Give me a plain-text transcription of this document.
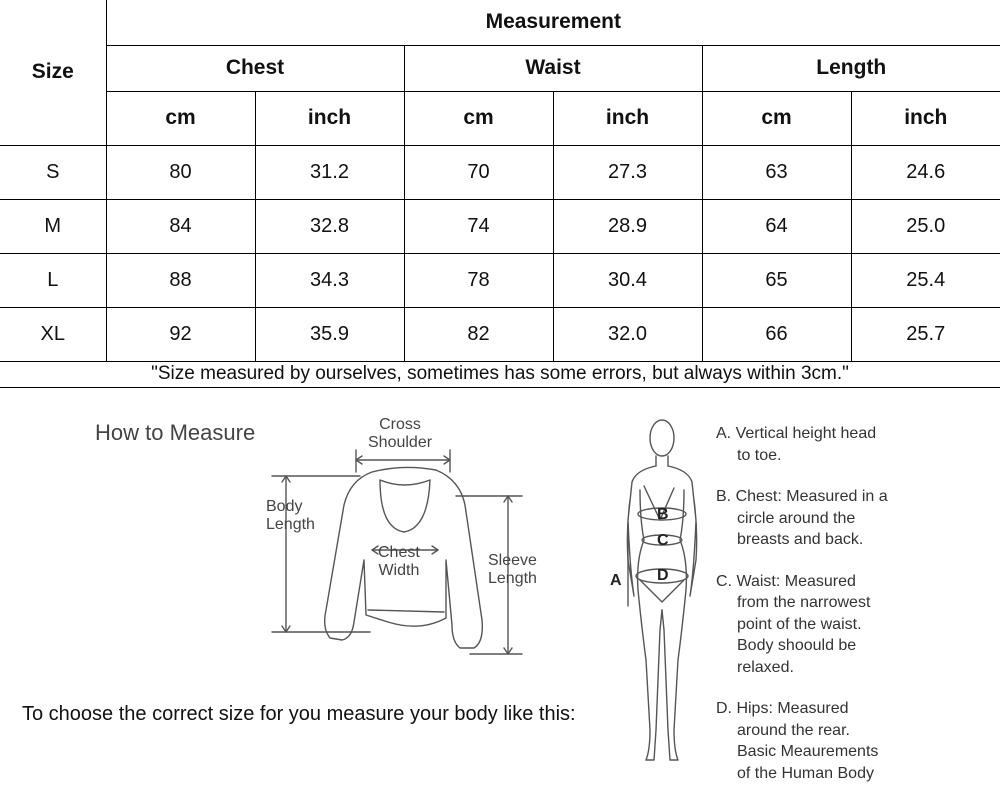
Size	Measurement					
	Chest		Waist		Length	
	cm	inch	cm	inch	cm	inch
S	80	31.2	70	27.3	63	24.6
M	84	32.8	74	28.9	64	25.0
L	88	34.3	78	30.4	65	25.4
XL	92	35.9	82	32.0	66	25.7
"Size measured by ourselves, sometimes has some errors, but always within 3cm."						
How to Measure	Cross
Shoulder
Body
Length
Chest
Width
Sleeve
Length
To choose the correct size for you measure your body like this:
A
B
C
D
A. Vertical height head
to toe.
B. Chest: Measured in a
circle around the
breasts and back.
C. Waist: Measured
from the narrowest
point of the waist.
Body shoould be
relaxed.
D. Hips: Measured
around the rear.
Basic Meaurements
of the Human Body
